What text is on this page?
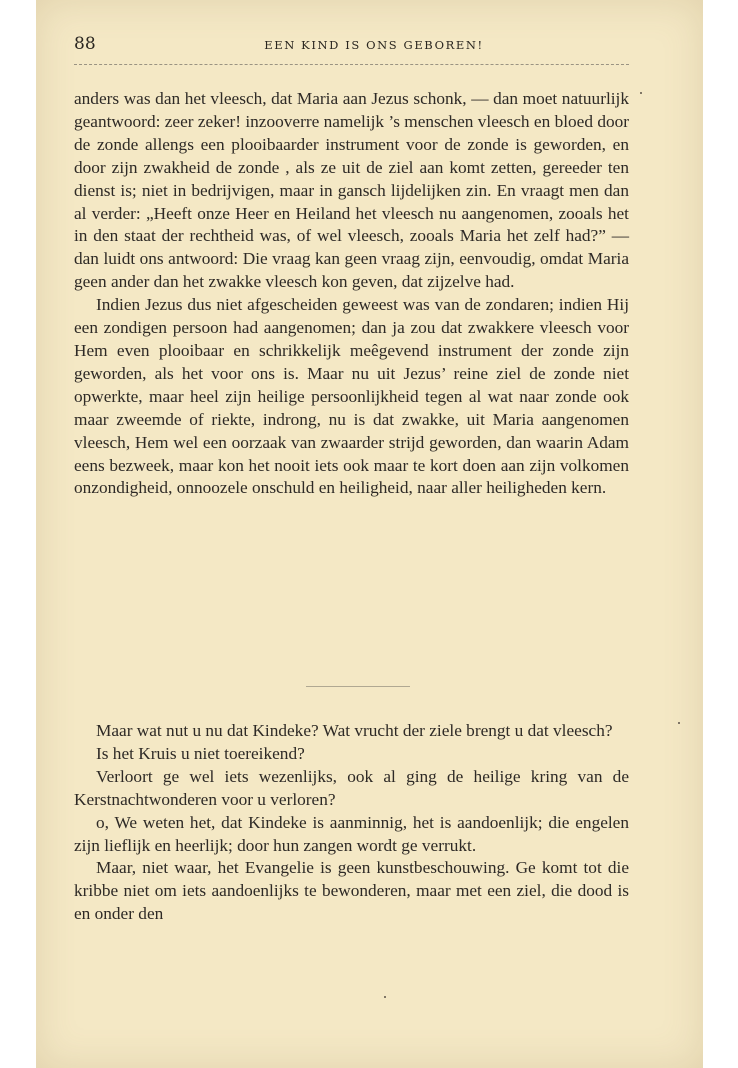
88	EEN KIND IS ONS GEBOREN!

anders was dan het vleesch, dat Maria aan Jezus schonk, — dan moet natuurlijk geantwoord: zeer zeker! inzooverre namelijk ’s menschen vleesch en bloed door de zonde allengs een plooibaarder instrument voor de zonde is geworden, en door zijn zwakheid de zonde , als ze uit de ziel aan komt zetten, gereeder ten dienst is; niet in bedrijvigen, maar in gansch lijdelijken zin. En vraagt men dan al verder: „Heeft onze Heer en Heiland het vleesch nu aangenomen, zooals het in den staat der rechtheid was, of wel vleesch, zooals Maria het zelf had?” — dan luidt ons antwoord: Die vraag kan geen vraag zijn, eenvoudig, omdat Maria geen ander dan het zwakke vleesch kon geven, dat zijzelve had.

Indien Jezus dus niet afgescheiden geweest was van de zondaren; indien Hij een zondigen persoon had aangenomen; dan ja zou dat zwakkere vleesch voor Hem even plooibaar en schrikkelijk meêgevend instrument der zonde zijn geworden, als het voor ons is. Maar nu uit Jezus’ reine ziel de zonde niet opwerkte, maar heel zijn heilige persoonlijkheid tegen al wat naar zonde ook maar zweemde of riekte, indrong, nu is dat zwakke, uit Maria aangenomen vleesch, Hem wel een oorzaak van zwaarder strijd geworden, dan waarin Adam eens bezweek, maar kon het nooit iets ook maar te kort doen aan zijn volkomen onzondigheid, onnoozele onschuld en heiligheid, naar aller heiligheden kern.

Maar wat nut u nu dat Kindeke? Wat vrucht der ziele brengt u dat vleesch?

Is het Kruis u niet toereikend?

Verloort ge wel iets wezenlijks, ook al ging de heilige kring van de Kerstnachtwonderen voor u verloren?

o, We weten het, dat Kindeke is aanminnig, het is aandoenlijk; die engelen zijn lieflijk en heerlijk; door hun zangen wordt ge verrukt.

Maar, niet waar, het Evangelie is geen kunstbeschouwing. Ge komt tot die kribbe niet om iets aandoenlijks te bewonderen, maar met een ziel, die dood is en onder den
